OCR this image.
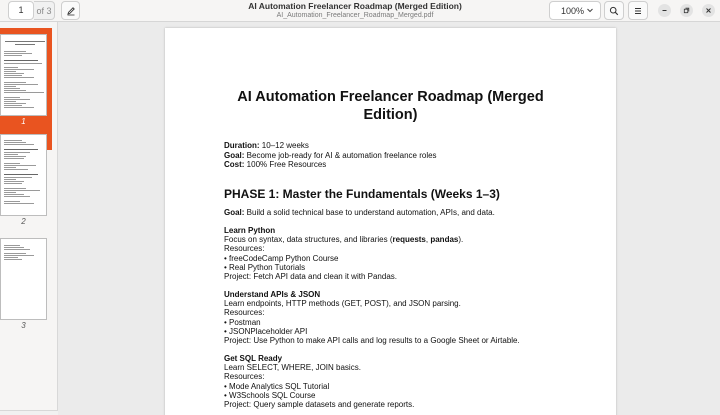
1	of 3	AI Automation Freelancer Roadmap (Merged Edition)
AI_Automation_Freelancer_Roadmap_Merged.pdf	100%
1
2
3
AI Automation Freelancer Roadmap (Merged Edition)
Duration: 10–12 weeks
Goal: Become job-ready for AI & automation freelance roles
Cost: 100% Free Resources
PHASE 1: Master the Fundamentals (Weeks 1–3)
Goal: Build a solid technical base to understand automation, APIs, and data.
Learn Python
Focus on syntax, data structures, and libraries (requests, pandas).
Resources:
• freeCodeCamp Python Course
• Real Python Tutorials
Project: Fetch API data and clean it with Pandas.
Understand APIs & JSON
Learn endpoints, HTTP methods (GET, POST), and JSON parsing.
Resources:
• Postman
• JSONPlaceholder API
Project: Use Python to make API calls and log results to a Google Sheet or Airtable.
Get SQL Ready
Learn SELECT, WHERE, JOIN basics.
Resources:
• Mode Analytics SQL Tutorial
• W3Schools SQL Course
Project: Query sample datasets and generate reports.
